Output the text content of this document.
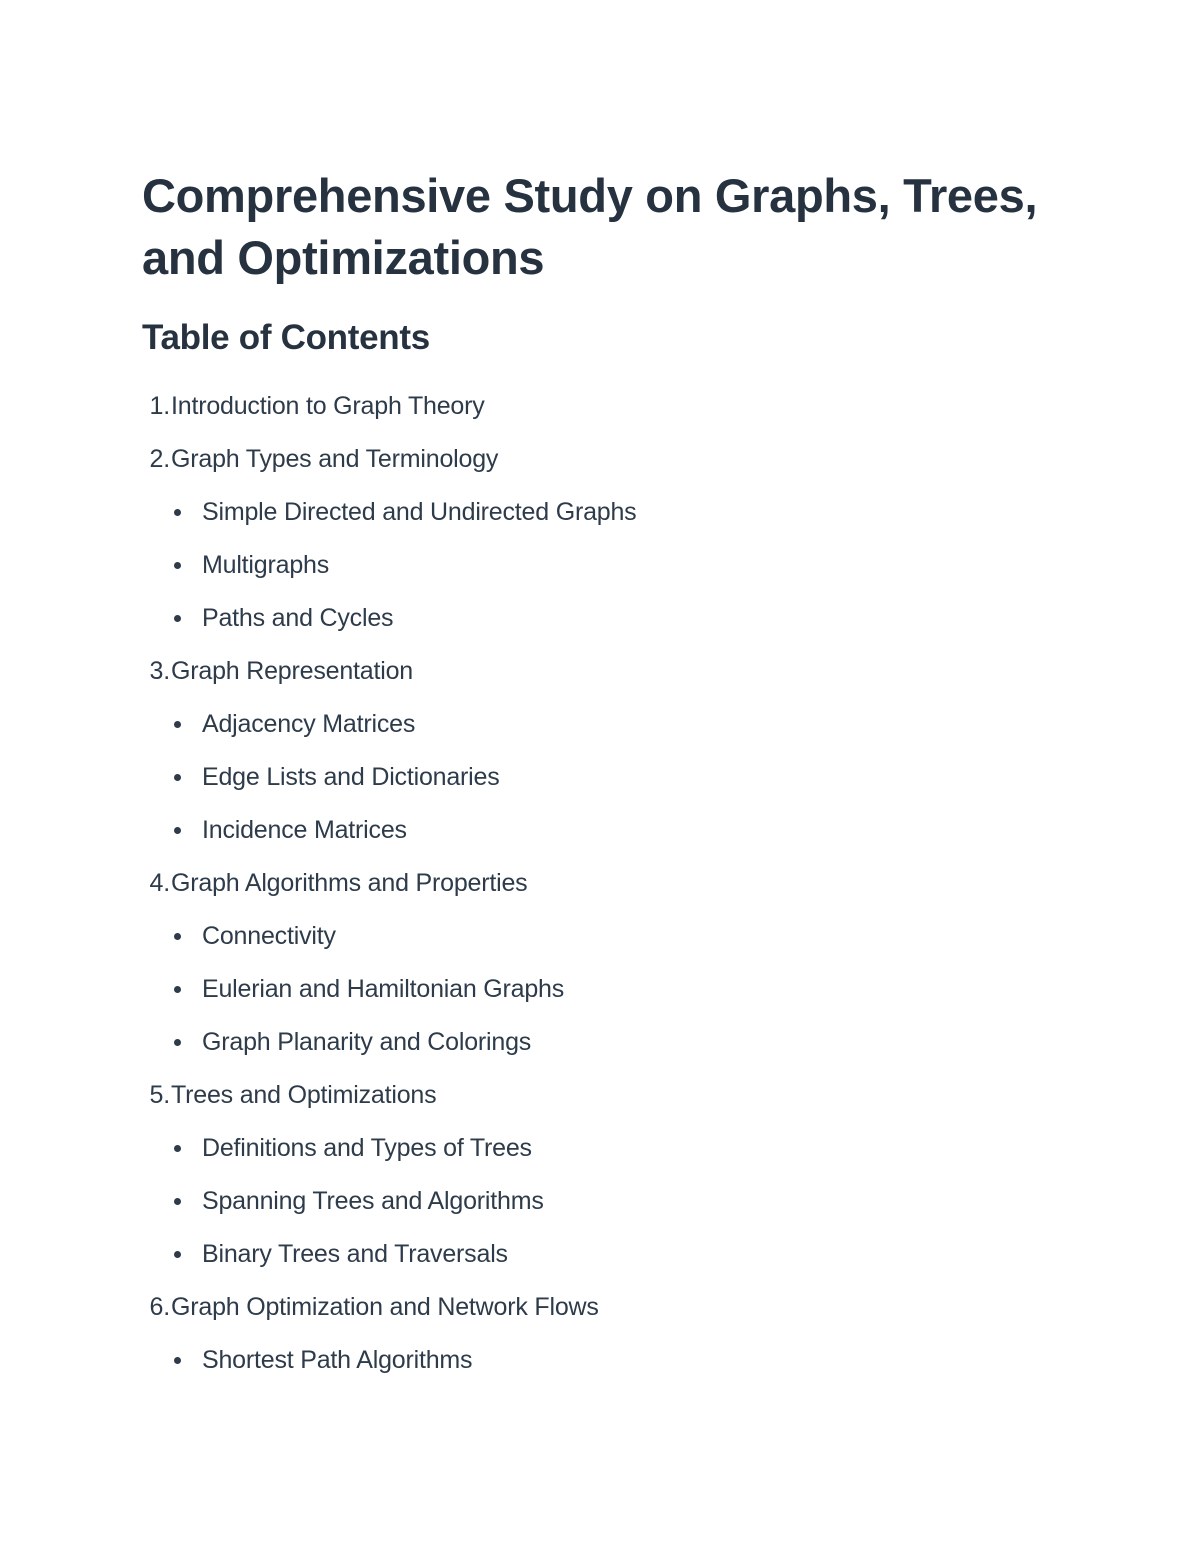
Comprehensive Study on Graphs, Trees, and Optimizations
Table of Contents
1. Introduction to Graph Theory
2. Graph Types and Terminology
Simple Directed and Undirected Graphs
Multigraphs
Paths and Cycles
3. Graph Representation
Adjacency Matrices
Edge Lists and Dictionaries
Incidence Matrices
4. Graph Algorithms and Properties
Connectivity
Eulerian and Hamiltonian Graphs
Graph Planarity and Colorings
5. Trees and Optimizations
Definitions and Types of Trees
Spanning Trees and Algorithms
Binary Trees and Traversals
6. Graph Optimization and Network Flows
Shortest Path Algorithms
